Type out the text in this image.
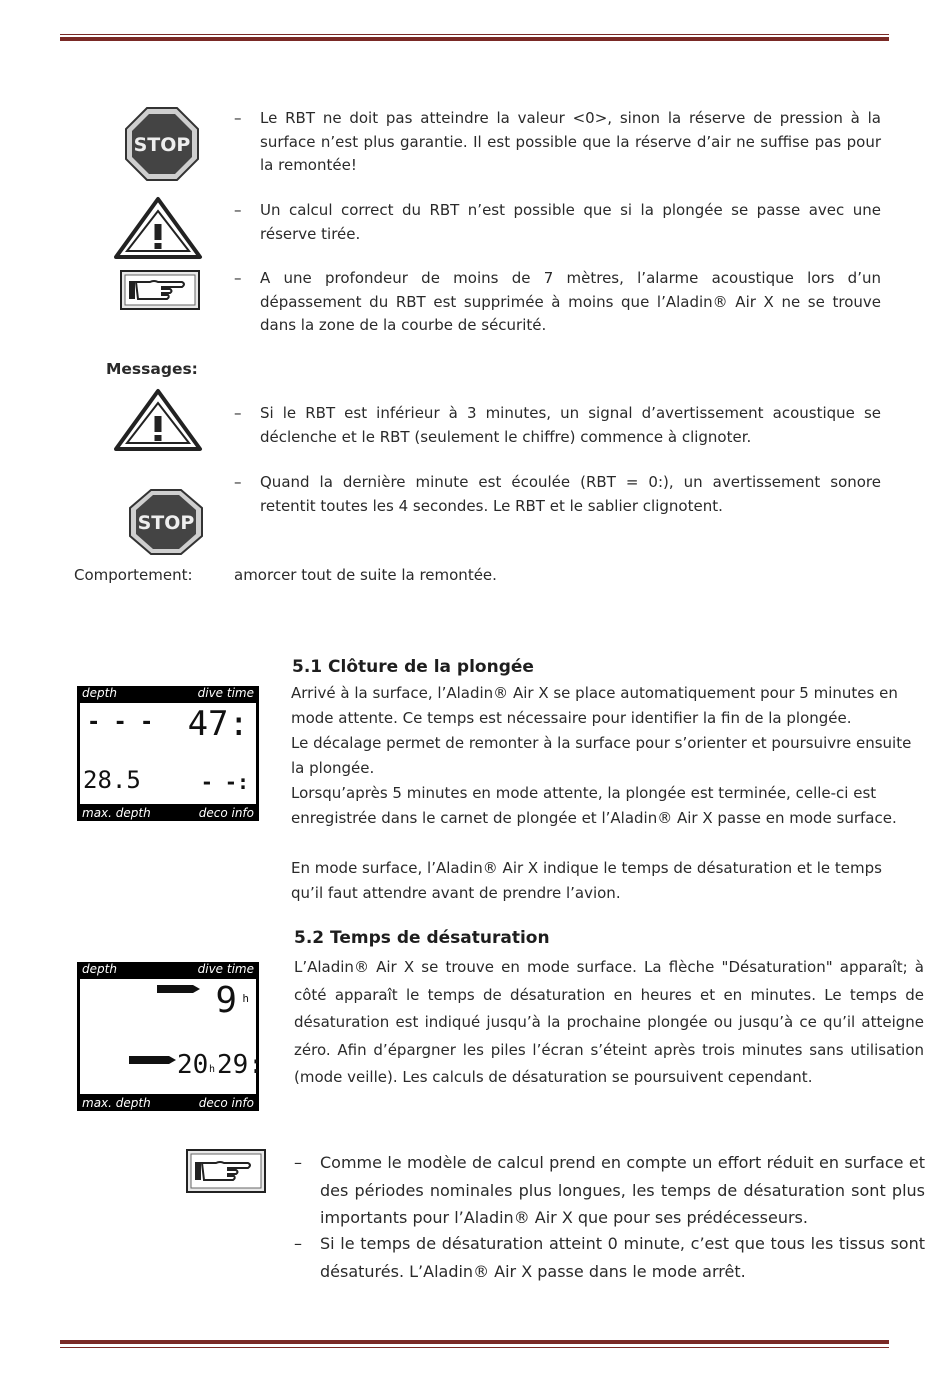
STOP
– Le RBT ne doit pas atteindre la valeur <0>, sinon la réserve de pression à la surface n’est plus garantie. Il est possible que la réserve d’air ne suffise pas pour la remontée!

– Un calcul correct du RBT n’est possible que si la plongée se passe avec une réserve tirée.

– A une profondeur de moins de 7 mètres, l’alarme acoustique lors d’un dépassement du RBT est supprimée à moins que l’Aladin® Air X ne se trouve dans la zone de la courbe de sécurité.

Messages:
– Si le RBT est inférieur à 3 minutes, un signal d’avertissement acoustique se déclenche et le RBT (seulement le chiffre) commence à clignoter.

STOP
– Quand la dernière minute est écoulée (RBT = 0:), un avertissement sonore retentit toutes les 4 secondes. Le RBT et le sablier clignotent.

Comportement:	amorcer tout de suite la remontée.
5.1 Clôture de la plongée
depth	dive time
max. depth	deco info
- - - 47:
28.5	- -:
Arrivé à la surface, l’Aladin® Air X se place automatiquement pour 5 minutes en
mode attente. Ce temps est nécessaire pour identifier la fin de la plongée.
Le décalage permet de remonter à la surface pour s’orienter et poursuivre ensuite
la plongée.
Lorsqu’après 5 minutes en mode attente, la plongée est terminée, celle-ci est
enregistrée dans le carnet de plongée et l’Aladin® Air X passe en mode surface.
En mode surface, l’Aladin® Air X indique le temps de désaturation et le temps
qu’il faut attendre avant de prendre l’avion.
5.2 Temps de désaturation
depth	dive time
max. depth	deco info
9 h
20 h 29:

L’Aladin® Air X se trouve en mode surface. La flèche "Désaturation" apparaît; à côté apparaît le temps de désaturation en heures et en minutes. Le temps de désaturation est indiqué jusqu’à la prochaine plongée ou jusqu’à ce qu’il atteigne zéro. Afin d’épargner les piles l’écran s’éteint après trois minutes sans utilisation (mode veille). Les calculs de désaturation se poursuivent cependant.

– Comme le modèle de calcul prend en compte un effort réduit en surface et des périodes nominales plus longues, les temps de désaturation sont plus importants pour l’Aladin® Air X que pour ses prédécesseurs.

– Si le temps de désaturation atteint 0 minute, c’est que tous les tissus sont désaturés. L’Aladin® Air X passe dans le mode arrêt.
